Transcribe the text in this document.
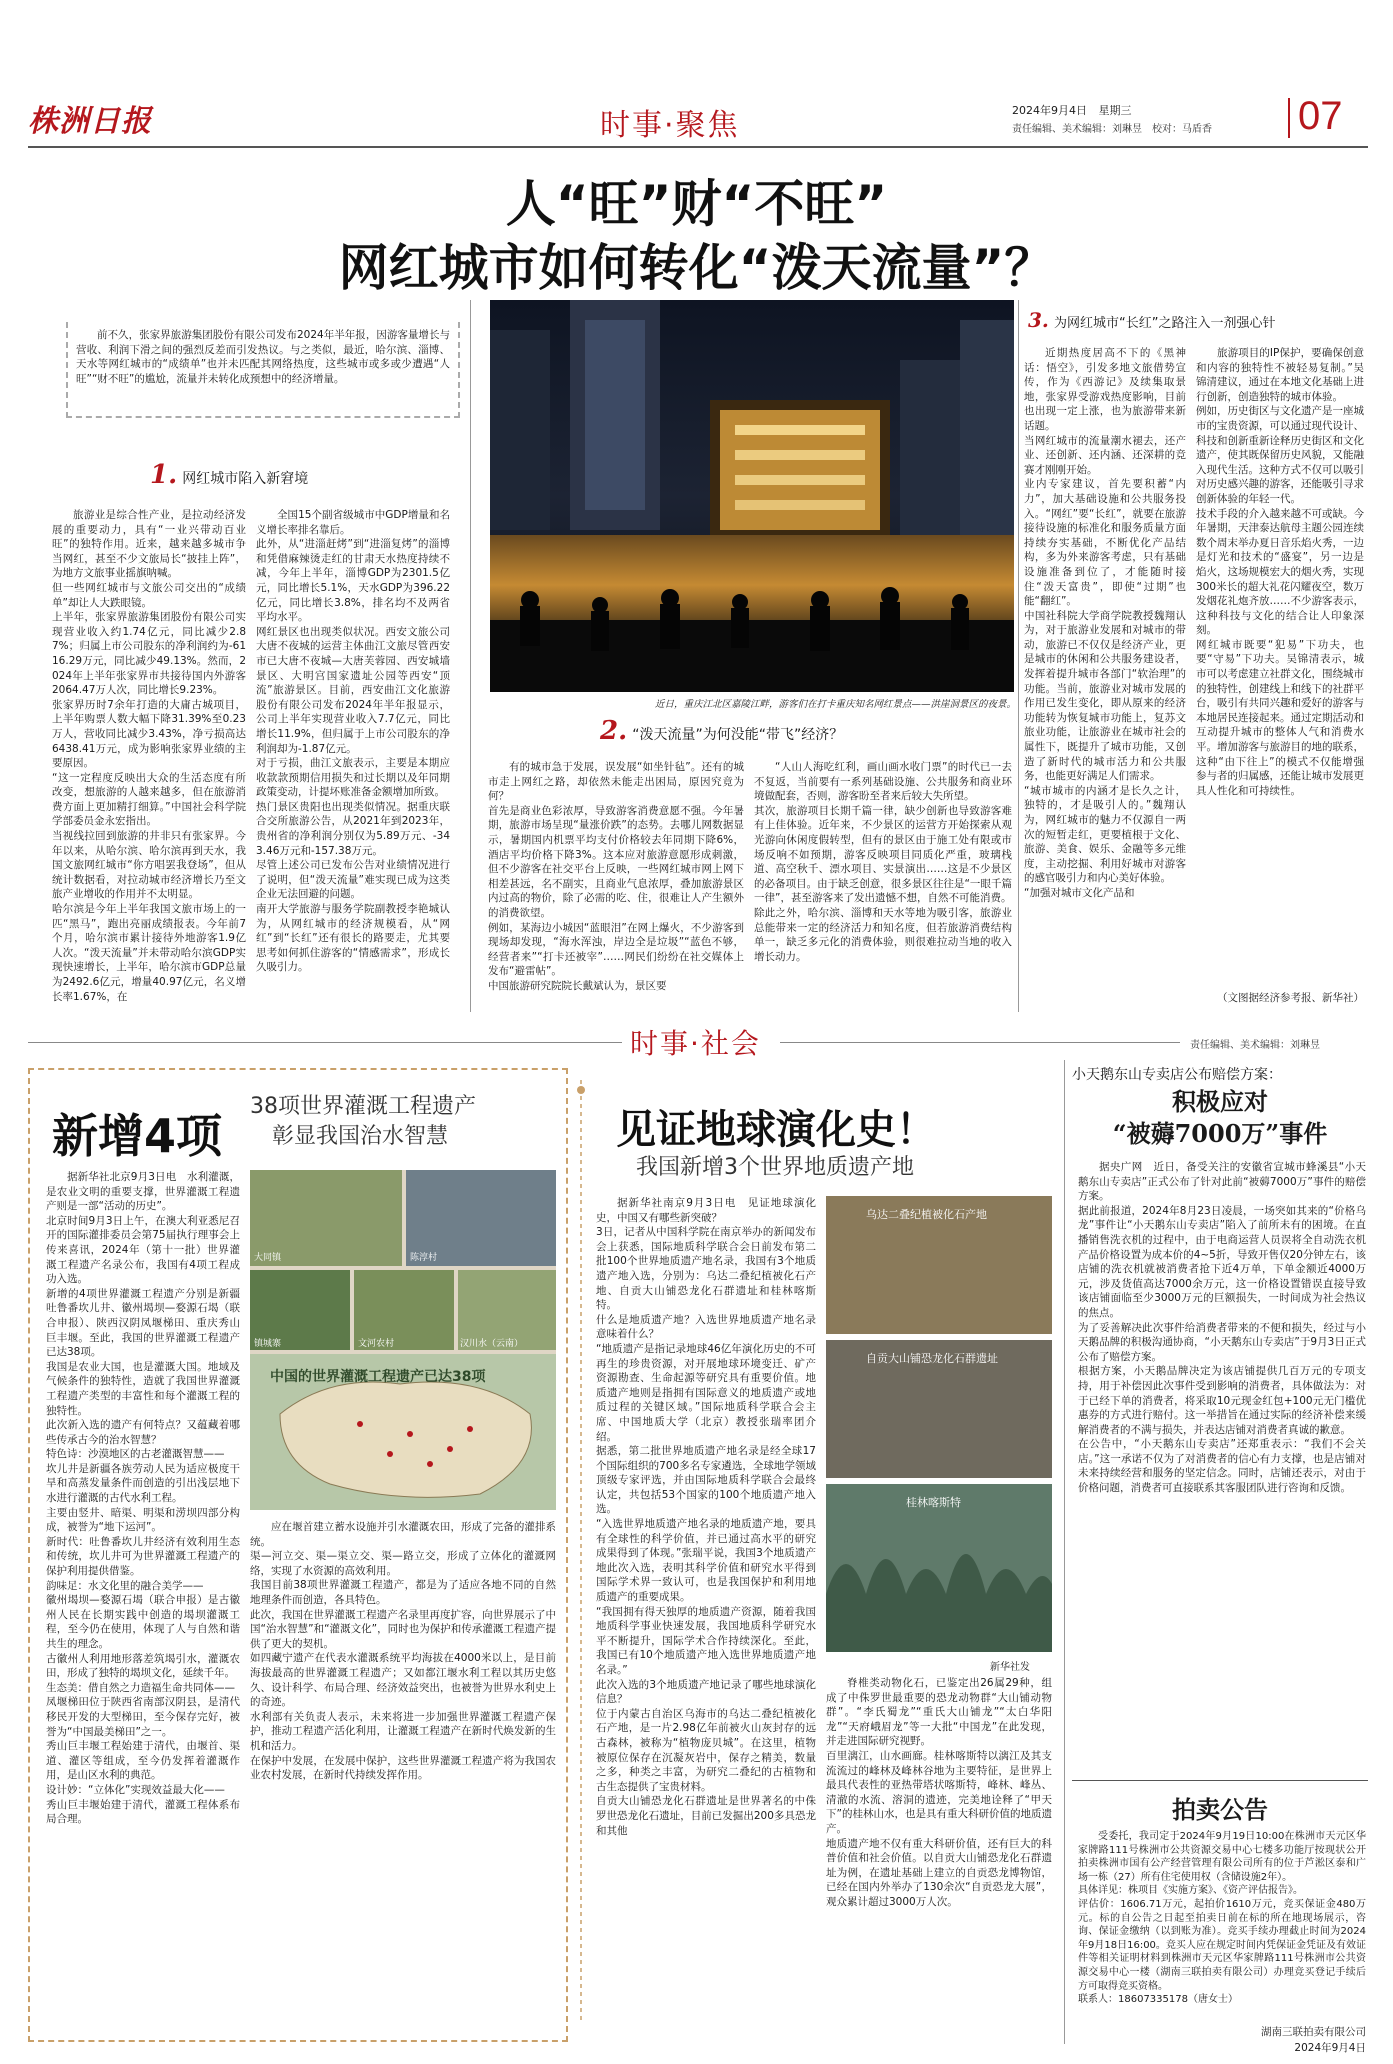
株洲日报	时事·聚焦	2024年9月4日 星期三
责任编辑、美术编辑：刘琳昱　校对：马盾香 07
人“旺”财“不旺”
网红城市如何转化“泼天流量”？
前不久，张家界旅游集团股份有限公司发布2024年半年报，因游客量增长与营收、利润下滑之间的强烈反差而引发热议。与之类似，最近，哈尔滨、淄博、天水等网红城市的“成绩单”也并未匹配其网络热度，这些城市或多或少遭遇“人旺”“财不旺”的尴尬，流量并未转化成预想中的经济增量。
1. 网红城市陷入新窘境
旅游业是综合性产业，是拉动经济发展的重要动力，具有“一业兴带动百业旺”的独特作用。近来，越来越多城市争当网红，甚至不少文旅局长“披挂上阵”，为地方文旅事业摇旗呐喊。
但一些网红城市与文旅公司交出的“成绩单”却让人大跌眼镜。
上半年，张家界旅游集团股份有限公司实现营业收入约1.74亿元，同比减少2.87%；归属上市公司股东的净利润约为-6116.29万元，同比减少49.13%。然而，2024年上半年张家界市共接待国内外游客2064.47万人次，同比增长9.23%。
张家界历时7余年打造的大庸古城项目，上半年购票人数大幅下降31.39%至0.23万人，营收同比减少3.43%，净亏损高达6438.41万元，成为影响张家界业绩的主要原因。
“这一定程度反映出大众的生活态度有所改变，想旅游的人越来越多，但在旅游消费方面上更加精打细算。”中国社会科学院学部委员金永宏指出。
当视线拉回到旅游的井非只有张家界。今年以来，从哈尔滨、哈尔滨再到天水，我国文旅网红城市“你方唱罢我登场”，但从统计数据看，对拉动城市经济增长乃至文旅产业增收的作用并不太明显。
哈尔滨是今年上半年我国文旅市场上的一匹“黑马”，跑出亮丽成绩报表。今年前7个月，哈尔滨市累计接待外地游客1.9亿人次。“泼天流量”并未带动哈尔滨GDP实现快速增长，上半年，哈尔滨市GDP总量为2492.6亿元，增量40.97亿元，名义增长率1.67%，在
全国15个副省级城市中GDP增量和名义增长率排名靠后。
此外，从“进淄赶烤”到“进淄复烤”的淄博和凭借麻辣烫走红的甘肃天水热度持续不减，今年上半年，淄博GDP为2301.5亿元，同比增长5.1%，天水GDP为396.22亿元，同比增长3.8%，排名均不及两省平均水平。
网红景区也出现类似状况。西安文旅公司大唐不夜城的运营主体曲江文旅尽管西安市已大唐不夜城—大唐芙蓉园、西安城墙景区、大明宫国家遗址公园等西安“顶流”旅游景区。目前，西安曲江文化旅游股份有限公司发布2024年半年报显示，公司上半年实现营业收入7.7亿元，同比增长11.9%，但归属于上市公司股东的净利润却为-1.87亿元。
对于亏损，曲江文旅表示，主要是本期应收款款预期信用损失和过长期以及年同期政策变动，计提坏账准备金额增加所致。
热门景区贵阳也出现类似情况。据重庆联合交所旅游公告，从2021年到2023年，贵州省的净利润分别仅为5.89万元、-343.46万元和-157.38万元。
尽管上述公司已发布公告对业绩情况进行了说明，但“泼天流量”难实现已成为这类企业无法回避的问题。
南开大学旅游与服务学院副教授李艳城认为，从网红城市的经济规模看，从“网红”到“长红”还有很长的路要走，尤其要思考如何抓住游客的“情感需求”，形成长久吸引力。
近日，重庆江北区嘉陵江畔，游客们在打卡重庆知名网红景点——洪崖洞景区的夜景。
2. “泼天流量”为何没能“带飞”经济？
有的城市急于发展，误发展“如坐针毡”。还有的城市走上网红之路，却依然未能走出困局，原因究竟为何？
首先是商业色彩浓厚，导致游客消费意愿不强。今年暑期，旅游市场呈现“量涨价跌”的态势。去哪儿网数据显示，暑期国内机票平均支付价格较去年同期下降6%，酒店平均价格下降3%。这本应对旅游意愿形成刺激，但不少游客在社交平台上反映，一些网红城市网上网下相差甚远，名不副实，且商业气息浓厚，叠加旅游景区内过高的物价，除了必需的吃、住，很难让人产生额外的消费欲望。
例如，某海边小城因“蓝眼泪”在网上爆火，不少游客到现场却发现，“海水浑浊，岸边全是垃圾”“蓝色不够，经营者来”“打卡还被宰”……网民们纷纷在社交媒体上发布“避雷帖”。
中国旅游研究院院长戴斌认为，景区要
“人山人海吃红利，画山画水收门票”的时代已一去不复返，当前要有一系列基础设施、公共服务和商业环境做配套，否则，游客盼至者来后较大失所望。
其次，旅游项目长期千篇一律，缺少创新也导致游客难有上佳体验。近年来，不少景区的运营方开始探索从观光游向休闲度假转型，但有的景区由于施工处有限或市场反响不如预期，游客反映项目同质化严重，玻璃栈道、高空秋千、漂水项目、实景演出……这是不少景区的必备项目。由于缺乏创意，很多景区往往是“一眼千篇一律”，甚至游客来了发出遗憾不想，自然不可能消费。
除此之外，哈尔滨、淄博和天水等地为吸引客，旅游业总能带来一定的经济活力和知名度，但若旅游消费结构单一，缺乏多元化的消费体验，则很难拉动当地的收入增长动力。
3. 为网红城市“长红”之路注入一剂强心针
近期热度居高不下的《黑神话：悟空》，引发多地文旅借势宣传，作为《西游记》及续集取景地，张家界受游戏热度影响，目前也出现一定上涨，也为旅游带来新话题。
当网红城市的流量潮水褪去，还产业、还创新、还内涵、还深耕的竞赛才刚刚开始。
业内专家建议，首先要积蓄“内力”，加大基础设施和公共服务投入。“网红”要“长红”，就要在旅游接待设施的标准化和服务质量方面持续夯实基础，不断优化产品结构，多为外来游客考虑，只有基础设施准备到位了，才能随时接住“泼天富贵”，即使“过期”也能“翻红”。
中国社科院大学商学院教授魏翔认为，对于旅游业发展和对城市的带动，旅游已不仅仅是经济产业，更是城市的休闲和公共服务建设者，发挥着提升城市各部门“软治理”的功能。当前，旅游业对城市发展的作用已发生变化，即从原来的经济功能转为恢复城市功能上，复苏文旅业功能，让旅游业在城市社会的属性下，既提升了城市功能，又创造了新时代的城市活力和公共服务，也能更好满足人们需求。
“城市城市的内涵才是长久之计，独特的，才是吸引人的。”魏翔认为，网红城市的魅力不仅源自一两次的短暂走红，更要植根于文化、旅游、美食、娱乐、金融等多元维度，主动挖掘、利用好城市对游客的感官吸引力和内心美好体验。
“加强对城市文化产品和
旅游项目的IP保护，要确保创意和内容的独特性不被轻易复制。”吴锦清建议，通过在本地文化基础上进行创新，创造独特的城市体验。
例如，历史街区与文化遗产是一座城市的宝贵资源，可以通过现代设计、科技和创新重新诠释历史街区和文化遗产，使其既保留历史风貌，又能融入现代生活。这种方式不仅可以吸引对历史感兴趣的游客，还能吸引寻求创新体验的年轻一代。
技术手段的介入越来越不可或缺。今年暑期，天津泰达航母主题公园连续数个周末举办夏日音乐焰火秀，一边是灯光和技术的“盛宴”，另一边是焰火，这场规模宏大的烟火秀，实现300米长的超大礼花闪耀夜空，数万发烟花礼炮齐放……不少游客表示，这种科技与文化的结合让人印象深刻。
网红城市既要“犯易”下功夫，也要“守易”下功夫。吴锦清表示，城市可以考虑建立社群文化，围绕城市的独特性，创建线上和线下的社群平台，吸引有共同兴趣和爱好的游客与本地居民连接起来。通过定期活动和互动提升城市的整体人气和消费水平。增加游客与旅游目的地的联系，这种“由下往上”的模式不仅能增强参与者的归属感，还能让城市发展更具人性化和可持续性。
（文图据经济参考报、新华社）
时事·社会	责任编辑、美术编辑：刘琳昱
新增4项
38项世界灌溉工程遗产
彰显我国治水智慧
据新华社北京9月3日电　水利灌溉，是农业文明的重要支撑，世界灌溉工程遗产则是一部“活动的历史”。
北京时间9月3日上午，在澳大利亚悉尼召开的国际灌排委员会第75届执行理事会上传来喜讯，2024年（第十一批）世界灌溉工程遗产名录公布，我国有4项工程成功入选。
新增的4项世界灌溉工程遗产分别是新疆吐鲁番坎儿井、徽州堨坝—婺源石堨（联合申报）、陕西汉阴凤堰梯田、重庆秀山巨丰堰。至此，我国的世界灌溉工程遗产已达38项。
我国是农业大国，也是灌溉大国。地域及气候条件的独特性，造就了我国世界灌溉工程遗产类型的丰富性和每个灌溉工程的独特性。
此次新入选的遗产有何特点？又蕴藏着哪些传承古今的治水智慧？
特色诗：沙漠地区的古老灌溉智慧——
坎儿井是新疆各族劳动人民为适应极度干旱和高蒸发量条件而创造的引出浅层地下水进行灌溉的古代水利工程。
主要由竖井、暗渠、明渠和涝坝四部分构成，被誉为“地下运河”。
新时代：吐鲁番坎儿井经济有效利用生态和传统，坎儿井可为世界灌溉工程遗产的保护利用提供借鉴。
韵味足：水文化里的融合美学——
徽州堨坝—婺源石堨（联合申报）是古徽州人民在长期实践中创造的堨坝灌溉工程，至今仍在使用，体现了人与自然和谐共生的理念。
古徽州人利用地形落差筑堨引水，灌溉农田，形成了独特的堨坝文化，延续千年。
生态美：借自然之力造福生命共同体——
凤堰梯田位于陕西省南部汉阴县，是清代移民开发的大型梯田，至今保存完好，被誉为“中国最美梯田”之一。
秀山巨丰堰工程始建于清代，由堰首、渠道、灌区等组成，至今仍发挥着灌溉作用，是山区水利的典范。
设计妙：“立体化”实现效益最大化——
秀山巨丰堰始建于清代，灌溉工程体系布局合理。
大同镇	陈淳村
镇城寨	文河农村	汉川水（云南）
中国的世界灌溉工程遗产已达38项
应在堰首建立蓄水设施并引水灌溉农田，形成了完备的灌排系统。
渠—河立交、渠—渠立交、渠—路立交，形成了立体化的灌溉网络，实现了水资源的高效利用。
我国目前38项世界灌溉工程遗产，都是为了适应各地不同的自然地理条件而创造，各具特色。
此次，我国在世界灌溉工程遗产名录里再度扩容，向世界展示了中国“治水智慧”和“灌溉文化”，同时也为保护和传承灌溉工程遗产提供了更大的契机。
如四藏宁遗产在代表水灌溉系统平均海拔在4000米以上，是目前海拔最高的世界灌溉工程遗产；又如都江堰水利工程以其历史悠久、设计科学、布局合理、经济效益突出，也被誉为世界水利史上的奇迹。
水利部有关负责人表示，未来将进一步加强世界灌溉工程遗产保护，推动工程遗产活化利用，让灌溉工程遗产在新时代焕发新的生机和活力。
在保护中发展，在发展中保护，这些世界灌溉工程遗产将为我国农业农村发展，在新时代持续发挥作用。
见证地球演化史！
我国新增3个世界地质遗产地
据新华社南京9月3日电　见证地球演化史，中国又有哪些新突破？
3日，记者从中国科学院在南京举办的新闻发布会上获悉，国际地质科学联合会日前发布第二批100个世界地质遗产地名录，我国有3个地质遗产地入选，分别为：乌达二叠纪植被化石产地、自贡大山铺恐龙化石群遗址和桂林喀斯特。
什么是地质遗产地？入选世界地质遗产地名录意味着什么？
“地质遗产是指记录地球46亿年演化历史的不可再生的珍贵资源，对开展地球环境变迁、矿产资源勘查、生命起源等研究具有重要价值。地质遗产地则是指拥有国际意义的地质遗产或地质过程的关键区域。”国际地质科学联合会主席、中国地质大学（北京）教授张瑞率团介绍。
据悉，第二批世界地质遗产地名录是经全球17个国际组织的700多名专家遴选，全球地学领域顶级专家评选，并由国际地质科学联合会最终认定，共包括53个国家的100个地质遗产地入选。
“入选世界地质遗产地名录的地质遗产地，要具有全球性的科学价值，并已通过高水平的研究成果得到了体现。”张瑞平说，我国3个地质遗产地此次入选，表明其科学价值和研究水平得到国际学术界一致认可，也是我国保护和利用地质遗产的重要成果。
“我国拥有得天独厚的地质遗产资源，随着我国地质科学事业快速发展，我国地质科学研究水平不断提升，国际学术合作持续深化。至此，我国已有10个地质遗产地入选世界地质遗产地名录。”
此次入选的3个地质遗产地记录了哪些地球演化信息？
位于内蒙古自治区乌海市的乌达二叠纪植被化石产地，是一片2.98亿年前被火山灰封存的远古森林，被称为“植物庞贝城”。在这里，植物被原位保存在沉凝灰岩中，保存之精美，数量之多，种类之丰富，为研究二叠纪的古植物和古生态提供了宝贵材料。
自贡大山铺恐龙化石群遗址是世界著名的中侏罗世恐龙化石遗址，目前已发掘出200多具恐龙和其他
乌达二叠纪植被化石产地
自贡大山铺恐龙化石群遗址
桂林喀斯特
新华社发
脊椎类动物化石，已鉴定出26属29种，组成了中侏罗世最重要的恐龙动物群“大山铺动物群”。“李氏蜀龙”“重氏大山铺龙”“太白华阳龙”“天府峨眉龙”等一大批“中国龙”在此发现，并走进国际研究视野。
百里漓江，山水画廊。桂林喀斯特以漓江及其支流流过的峰林及峰林谷地为主要特征，是世界上最具代表性的亚热带塔状喀斯特，峰林、峰丛、清澈的水流、溶洞的遗迹，完美地诠释了“甲天下”的桂林山水，也是具有重大科研价值的地质遗产。
地质遗产地不仅有重大科研价值，还有巨大的科普价值和社会价值。以自贡大山铺恐龙化石群遗址为例，在遗址基础上建立的自贡恐龙博物馆，已经在国内外举办了130余次“自贡恐龙大展”，观众累计超过3000万人次。
小天鹅东山专卖店公布赔偿方案：
积极应对
“被薅7000万”事件
据央广网　近日，备受关注的安徽省宣城市蜂溪县“小天鹅东山专卖店”正式公布了针对此前“被薅7000万”事件的赔偿方案。
据此前报道，2024年8月23日凌晨，一场突如其来的“价格乌龙”事件让“小天鹅东山专卖店”陷入了前所未有的困境。在直播销售洗衣机的过程中，由于电商运营人员误将全自动洗衣机产品价格设置为成本价的4~5折，导致开售仅20分钟左右，该店铺的洗衣机就被消费者抢下近4万单，下单金额近4000万元，涉及货值高达7000余万元，这一价格设置错误直接导致该店铺面临至少3000万元的巨额损失，一时间成为社会热议的焦点。
为了妥善解决此次事件给消费者带来的不便和损失，经过与小天鹅品牌的积极沟通协商，“小天鹅东山专卖店”于9月3日正式公布了赔偿方案。
根据方案，小天鹅品牌决定为该店铺提供几百万元的专项支持，用于补偿因此次事件受到影响的消费者，具体做法为：对于已经下单的消费者，将采取10元现金红包+100元无门槛优惠券的方式进行赔付。这一举措旨在通过实际的经济补偿来缓解消费者的不满与损失，并表达店铺对消费者真诚的歉意。
在公告中，“小天鹅东山专卖店”还郑重表示：“我们不会关店。”这一承诺不仅为了对消费者的信心有力支撑，也是店铺对未来持续经营和服务的坚定信念。同时，店铺还表示，对由于价格问题，消费者可直接联系其客服团队进行咨询和反馈。
拍卖公告
受委托，我司定于2024年9月19日10:00在株洲市天元区华家牌路111号株洲市公共资源交易中心七楼多功能厅按现状公开拍卖株洲市国有公产经营管理有限公司所有的位于芦淞区泰和广场一栋（27）所有住宅使用权（含储设施2年）。
具体详见：株项目《实施方案》、《资产评估报告》。
评估价：1606.71万元，起拍价1610万元，竞买保证金480万元。标的自公告之日起至拍卖日前在标的所在地现场展示，咨询、保证金缴纳（以到账为准）。竞买手续办理截止时间为2024年9月18日16:00。竞买人应在规定时间内凭保证金凭证及有效证件等相关证明材料到株洲市天元区华家牌路111号株洲市公共资源交易中心一楼（湖南三联拍卖有限公司）办理竞买登记手续后方可取得竞买资格。
联系人：18607335178（唐女士）
湖南三联拍卖有限公司
2024年9月4日
